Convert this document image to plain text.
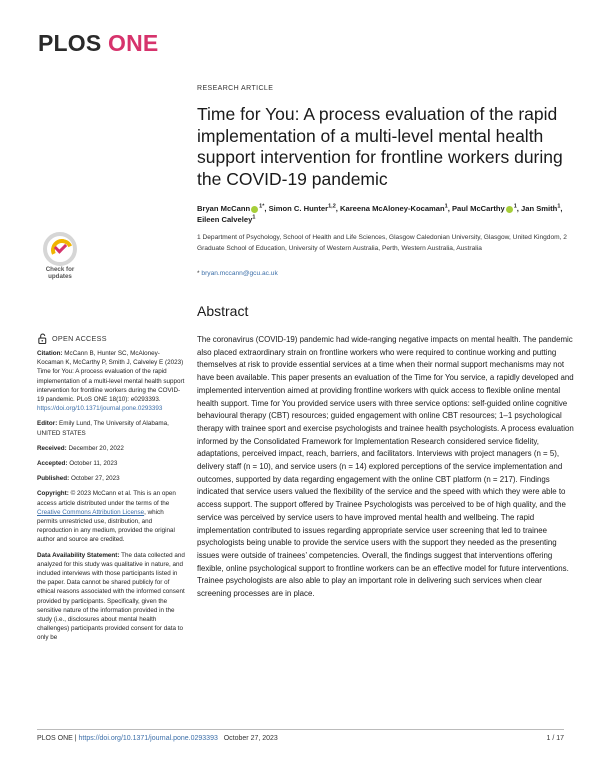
PLOS ONE
RESEARCH ARTICLE
Time for You: A process evaluation of the rapid implementation of a multi-level mental health support intervention for frontline workers during the COVID-19 pandemic
Bryan McCann $^{1*}$, Simon C. Hunter$^{1,2}$, Kareena McAloney-Kocaman$^1$, Paul McCarthy $^1$, Jan Smith$^1$, Eileen Calveley$^1$
1 Department of Psychology, School of Health and Life Sciences, Glasgow Caledonian University, Glasgow, United Kingdom, 2 Graduate School of Education, University of Western Australia, Perth, Western Australia, Australia
* bryan.mccann@gcu.ac.uk
Check for
updates
Abstract
The coronavirus (COVID-19) pandemic had wide-ranging negative impacts on mental health. The pandemic also placed extraordinary strain on frontline workers who were required to continue working and putting themselves at risk to provide essential services at a time when their normal support mechanisms may not have been available. This paper presents an evaluation of the Time for You service, a rapidly developed and implemented intervention aimed at providing frontline workers with quick access to flexible online mental health support. Time for You provided service users with three service options: self-guided online cognitive behavioural therapy (CBT) resources; guided engagement with online CBT resources; 1–1 psychological therapy with trainee sport and exercise psychologists and trainee health psychologists. A process evaluation informed by the Consolidated Framework for Implementation Research considered service fidelity, adaptations, perceived impact, reach, barriers, and facilitators. Interviews with project managers (n = 5), delivery staff (n = 10), and service users (n = 14) explored perceptions of the service implementation and outcomes, supported by data regarding engagement with the online CBT platform (n = 217). Findings indicated that service users valued the flexibility of the service and the speed with which they were able to access support. The support offered by Trainee Psychologists was perceived to be of high quality, and the service was perceived by service users to have improved mental health and wellbeing. The rapid implementation contributed to issues regarding appropriate service user screening that led to trainee psychologists being unable to provide the service users with the support they needed as the presenting issues were outside of trainees’ competencies. Overall, the findings suggest that interventions offering flexible, online psychological support to frontline workers can be an effective model for future interventions. Trainee psychologists are also able to play an important role in delivering such services when clear screening processes are in place.
OPEN ACCESS
Citation: McCann B, Hunter SC, McAloney-Kocaman K, McCarthy P, Smith J, Calveley E (2023) Time for You: A process evaluation of the rapid implementation of a multi-level mental health support intervention for frontline workers during the COVID-19 pandemic. PLoS ONE 18(10): e0293393. https://doi.org/10.1371/journal.pone.0293393
Editor: Emily Lund, The University of Alabama, UNITED STATES
Received: December 20, 2022
Accepted: October 11, 2023
Published: October 27, 2023
Copyright: © 2023 McCann et al. This is an open access article distributed under the terms of the Creative Commons Attribution License, which permits unrestricted use, distribution, and reproduction in any medium, provided the original author and source are credited.
Data Availability Statement: The data collected and analyzed for this study was qualitative in nature, and included interviews with those participants listed in the paper. Data cannot be shared publicly for of ethical reasons associated with the informed consent provided by participants. Specifically, given the sensitive nature of the information provided in the study (i.e., disclosures about mental health challenges) participants provided consent for data to only be
PLOS ONE | https://doi.org/10.1371/journal.pone.0293393 October 27, 2023	1 / 17
